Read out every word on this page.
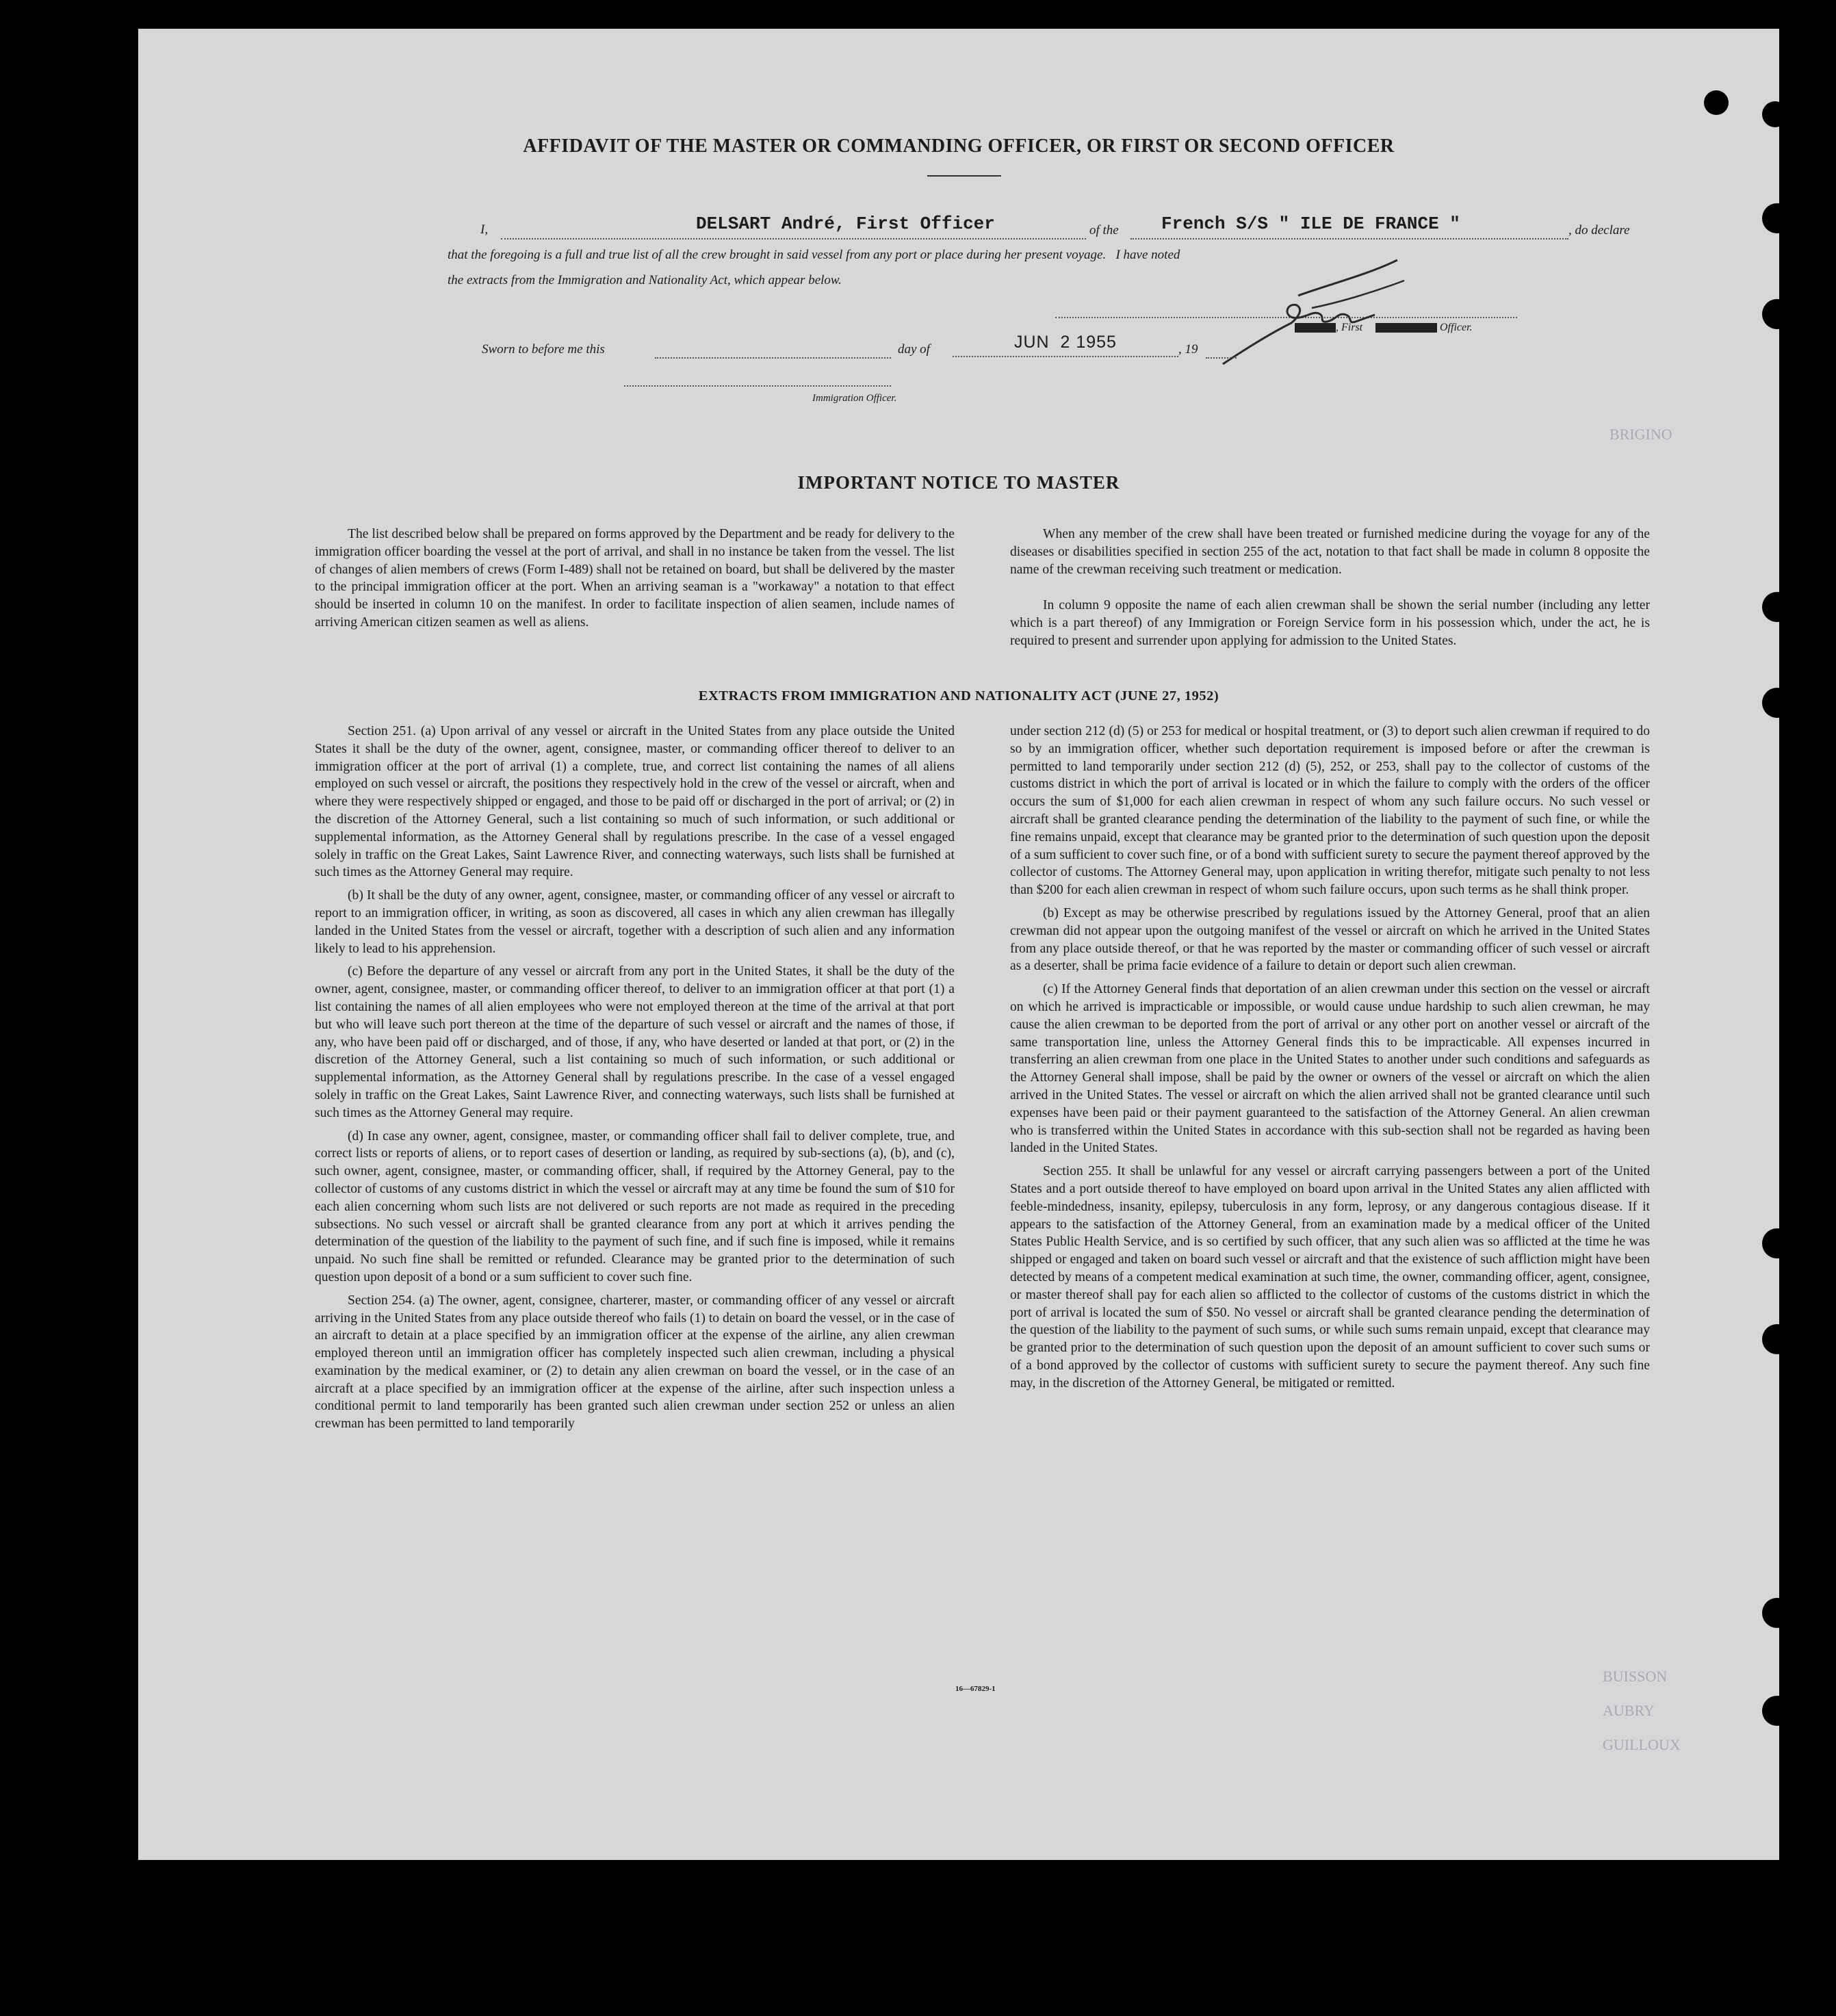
BRIGINO
BUISSON
AUBRY
GUILLOUX
AFFIDAVIT OF THE MASTER OR COMMANDING OFFICER, OR FIRST OR SECOND OFFICER
I,	DELSART André, First Officer	of the French S/S " ILE DE FRANCE "	, do declare
that the foregoing is a full and true list of all the crew brought in said vessel from any port or place during her present voyage.   I have noted
the extracts from the Immigration and Nationality Act, which appear below.
, First	Officer.
Sworn to before me this	day of	JUN  2 1955	, 19
Immigration Officer.
IMPORTANT NOTICE TO MASTER

The list described below shall be prepared on forms approved by the Department and be ready for delivery to the immigration officer boarding the vessel at the port of arrival, and shall in no instance be taken from the vessel. The list of changes of alien members of crews (Form I-489) shall not be retained on board, but shall be delivered by the master to the principal immigration officer at the port. When an arriving seaman is a "workaway" a notation to that effect should be inserted in column 10 on the manifest. In order to facilitate inspection of alien seamen, include names of arriving American citizen seamen as well as aliens.

When any member of the crew shall have been treated or furnished medicine during the voyage for any of the diseases or disabilities specified in section 255 of the act, notation to that fact shall be made in column 8 opposite the name of the crewman receiving such treatment or medication.

In column 9 opposite the name of each alien crewman shall be shown the serial number (including any letter which is a part thereof) of any Immigration or Foreign Service form in his possession which, under the act, he is required to present and surrender upon applying for admission to the United States.

EXTRACTS FROM IMMIGRATION AND NATIONALITY ACT (JUNE 27, 1952)

Section 251. (a) Upon arrival of any vessel or aircraft in the United States from any place outside the United States it shall be the duty of the owner, agent, consignee, master, or commanding officer thereof to deliver to an immigration officer at the port of arrival (1) a complete, true, and correct list containing the names of all aliens employed on such vessel or aircraft, the positions they respectively hold in the crew of the vessel or aircraft, when and where they were respectively shipped or engaged, and those to be paid off or discharged in the port of arrival; or (2) in the discretion of the Attorney General, such a list containing so much of such information, or such additional or supplemental information, as the Attorney General shall by regulations prescribe. In the case of a vessel engaged solely in traffic on the Great Lakes, Saint Lawrence River, and connecting waterways, such lists shall be furnished at such times as the Attorney General may require.

(b) It shall be the duty of any owner, agent, consignee, master, or commanding officer of any vessel or aircraft to report to an immigration officer, in writing, as soon as discovered, all cases in which any alien crewman has illegally landed in the United States from the vessel or aircraft, together with a description of such alien and any information likely to lead to his apprehension.

(c) Before the departure of any vessel or aircraft from any port in the United States, it shall be the duty of the owner, agent, consignee, master, or commanding officer thereof, to deliver to an immigration officer at that port (1) a list containing the names of all alien employees who were not employed thereon at the time of the arrival at that port but who will leave such port thereon at the time of the departure of such vessel or aircraft and the names of those, if any, who have been paid off or discharged, and of those, if any, who have deserted or landed at that port, or (2) in the discretion of the Attorney General, such a list containing so much of such information, or such additional or supplemental information, as the Attorney General shall by regulations prescribe. In the case of a vessel engaged solely in traffic on the Great Lakes, Saint Lawrence River, and connecting waterways, such lists shall be furnished at such times as the Attorney General may require.

(d) In case any owner, agent, consignee, master, or commanding officer shall fail to deliver complete, true, and correct lists or reports of aliens, or to report cases of desertion or landing, as required by sub-sections (a), (b), and (c), such owner, agent, consignee, master, or commanding officer, shall, if required by the Attorney General, pay to the collector of customs of any customs district in which the vessel or aircraft may at any time be found the sum of $10 for each alien concerning whom such lists are not delivered or such reports are not made as required in the preceding subsections. No such vessel or aircraft shall be granted clearance from any port at which it arrives pending the determination of the question of the liability to the payment of such fine, and if such fine is imposed, while it remains unpaid. No such fine shall be remitted or refunded. Clearance may be granted prior to the determination of such question upon deposit of a bond or a sum sufficient to cover such fine.

Section 254. (a) The owner, agent, consignee, charterer, master, or commanding officer of any vessel or aircraft arriving in the United States from any place outside thereof who fails (1) to detain on board the vessel, or in the case of an aircraft to detain at a place specified by an immigration officer at the expense of the airline, any alien crewman employed thereon until an immigration officer has completely inspected such alien crewman, including a physical examination by the medical examiner, or (2) to detain any alien crewman on board the vessel, or in the case of an aircraft at a place specified by an immigration officer at the expense of the airline, after such inspection unless a conditional permit to land temporarily has been granted such alien crewman under section 252 or unless an alien crewman has been permitted to land temporarily

under section 212 (d) (5) or 253 for medical or hospital treatment, or (3) to deport such alien crewman if required to do so by an immigration officer, whether such deportation requirement is imposed before or after the crewman is permitted to land temporarily under section 212 (d) (5), 252, or 253, shall pay to the collector of customs of the customs district in which the port of arrival is located or in which the failure to comply with the orders of the officer occurs the sum of $1,000 for each alien crewman in respect of whom any such failure occurs. No such vessel or aircraft shall be granted clearance pending the determination of the liability to the payment of such fine, or while the fine remains unpaid, except that clearance may be granted prior to the determination of such question upon the deposit of a sum sufficient to cover such fine, or of a bond with sufficient surety to secure the payment thereof approved by the collector of customs. The Attorney General may, upon application in writing therefor, mitigate such penalty to not less than $200 for each alien crewman in respect of whom such failure occurs, upon such terms as he shall think proper.

(b) Except as may be otherwise prescribed by regulations issued by the Attorney General, proof that an alien crewman did not appear upon the outgoing manifest of the vessel or aircraft on which he arrived in the United States from any place outside thereof, or that he was reported by the master or commanding officer of such vessel or aircraft as a deserter, shall be prima facie evidence of a failure to detain or deport such alien crewman.

(c) If the Attorney General finds that deportation of an alien crewman under this section on the vessel or aircraft on which he arrived is impracticable or impossible, or would cause undue hardship to such alien crewman, he may cause the alien crewman to be deported from the port of arrival or any other port on another vessel or aircraft of the same transportation line, unless the Attorney General finds this to be impracticable. All expenses incurred in transferring an alien crewman from one place in the United States to another under such conditions and safeguards as the Attorney General shall impose, shall be paid by the owner or owners of the vessel or aircraft on which the alien arrived in the United States. The vessel or aircraft on which the alien arrived shall not be granted clearance until such expenses have been paid or their payment guaranteed to the satisfaction of the Attorney General. An alien crewman who is transferred within the United States in accordance with this sub-section shall not be regarded as having been landed in the United States.

Section 255. It shall be unlawful for any vessel or aircraft carrying passengers between a port of the United States and a port outside thereof to have employed on board upon arrival in the United States any alien afflicted with feeble-mindedness, insanity, epilepsy, tuberculosis in any form, leprosy, or any dangerous contagious disease. If it appears to the satisfaction of the Attorney General, from an examination made by a medical officer of the United States Public Health Service, and is so certified by such officer, that any such alien was so afflicted at the time he was shipped or engaged and taken on board such vessel or aircraft and that the existence of such affliction might have been detected by means of a competent medical examination at such time, the owner, commanding officer, agent, consignee, or master thereof shall pay for each alien so afflicted to the collector of customs of the customs district in which the port of arrival is located the sum of $50. No vessel or aircraft shall be granted clearance pending the determination of the question of the liability to the payment of such sums, or while such sums remain unpaid, except that clearance may be granted prior to the determination of such question upon the deposit of an amount sufficient to cover such sums or of a bond approved by the collector of customs with sufficient surety to secure the payment thereof. Any such fine may, in the discretion of the Attorney General, be mitigated or remitted.

16—67829-1
